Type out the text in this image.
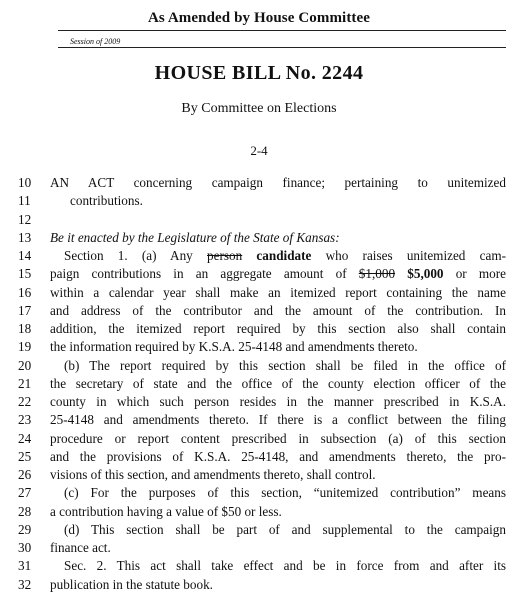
As Amended by House Committee
Session of 2009
HOUSE BILL No. 2244
By Committee on Elections
2-4
10	AN ACT concerning campaign finance; pertaining to unitemized
11	contributions.
12
13	Be it enacted by the Legislature of the State of Kansas:
14	Section 1. (a) Any person candidate who raises unitemized cam-
15	paign contributions in an aggregate amount of $1,000 $5,000 or more
16	within a calendar year shall make an itemized report containing the name
17	and address of the contributor and the amount of the contribution. In
18	addition, the itemized report required by this section also shall contain
19	the information required by K.S.A. 25-4148 and amendments thereto.
20	(b) The report required by this section shall be filed in the office of
21	the secretary of state and the office of the county election officer of the
22	county in which such person resides in the manner prescribed in K.S.A.
23	25-4148 and amendments thereto. If there is a conflict between the filing
24	procedure or report content prescribed in subsection (a) of this section
25	and the provisions of K.S.A. 25-4148, and amendments thereto, the pro-
26	visions of this section, and amendments thereto, shall control.
27	(c) For the purposes of this section, “unitemized contribution” means
28	a contribution having a value of $50 or less.
29	(d) This section shall be part of and supplemental to the campaign
30	finance act.
31	Sec. 2. This act shall take effect and be in force from and after its
32	publication in the statute book.
